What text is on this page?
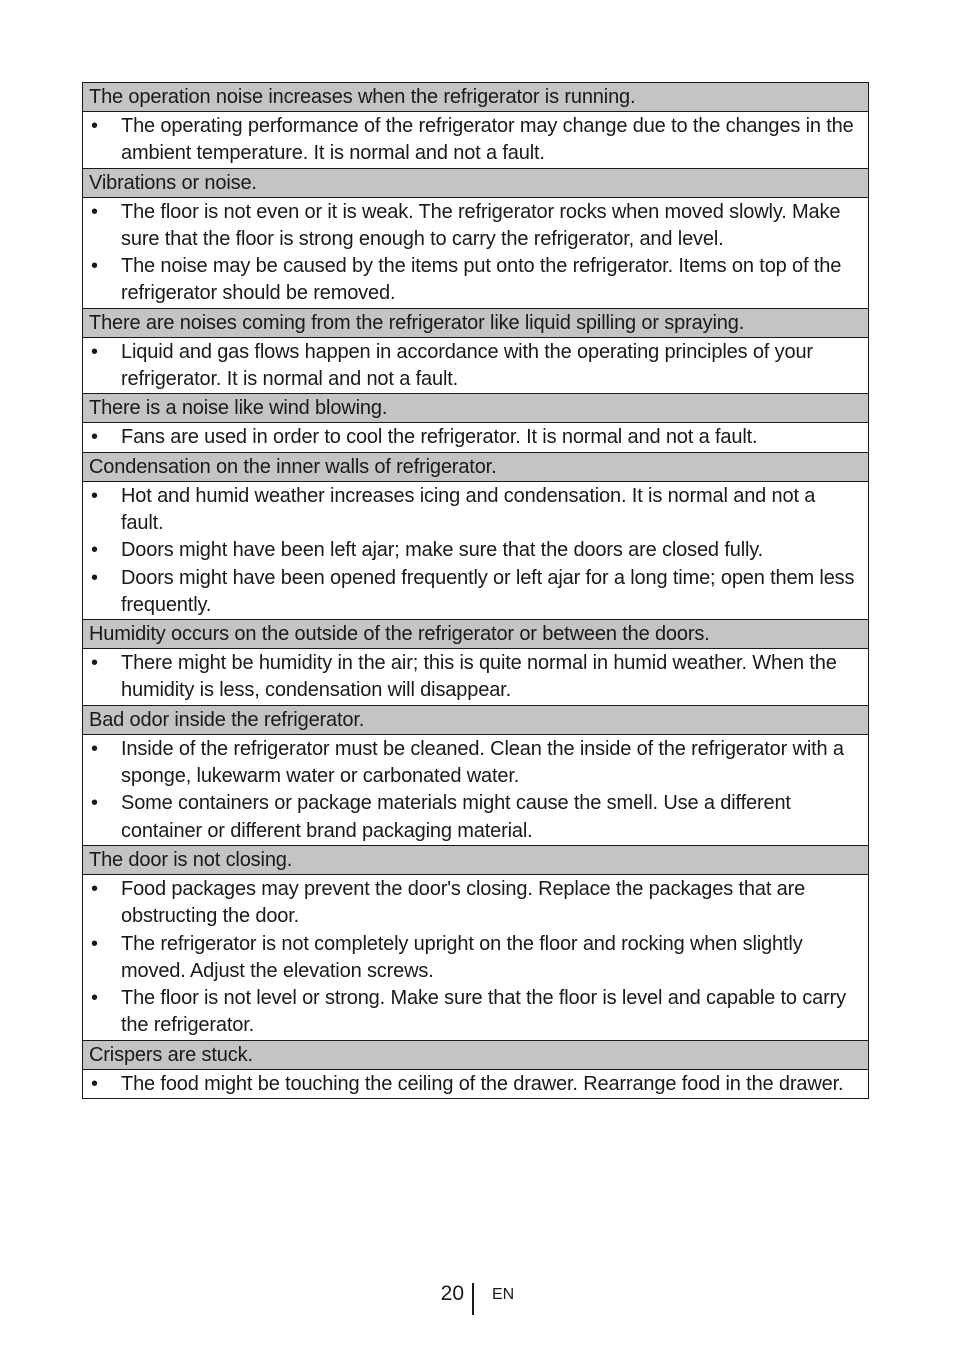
The operation noise increases when the refrigerator is running.

• The operating performance of the refrigerator may change due to the changes in the ambient temperature. It is normal and not a fault.

Vibrations or noise.

• The floor is not even or it is weak. The refrigerator rocks when moved slowly. Make sure that the floor is strong enough to carry the refrigerator, and level.
• The noise may be caused by the items put onto the refrigerator. Items on top of the refrigerator should be removed.

There are noises coming from the refrigerator like liquid spilling or spraying.

• Liquid and gas flows happen in accordance with the operating principles of your refrigerator. It is normal and not a fault.

There is a noise like wind blowing.

• Fans are used in order to cool the refrigerator. It is normal and not a fault.

Condensation on the inner walls of refrigerator.

• Hot and humid weather increases icing and condensation. It is normal and not a fault.
• Doors might have been left ajar; make sure that the doors are closed fully.
• Doors might have been opened frequently or left ajar for a long time; open them less frequently.

Humidity occurs on the outside of the refrigerator or between the doors.

• There might be humidity in the air; this is quite normal in humid weather. When the humidity is less, condensation will disappear.

Bad odor inside the refrigerator.

• Inside of the refrigerator must be cleaned. Clean the inside of the refrigerator with a sponge, lukewarm water or carbonated water.
• Some containers or package materials might cause the smell. Use a different container or different brand packaging material.

The door is not closing.

• Food packages may prevent the door's closing. Replace the packages that are obstructing the door.
• The refrigerator is not completely upright on the floor and rocking when slightly moved. Adjust the elevation screws.
• The floor is not level or strong. Make sure that the floor is level and capable to carry the refrigerator.

Crispers are stuck.

• The food might be touching the ceiling of the drawer. Rearrange food in the drawer.
20 EN
